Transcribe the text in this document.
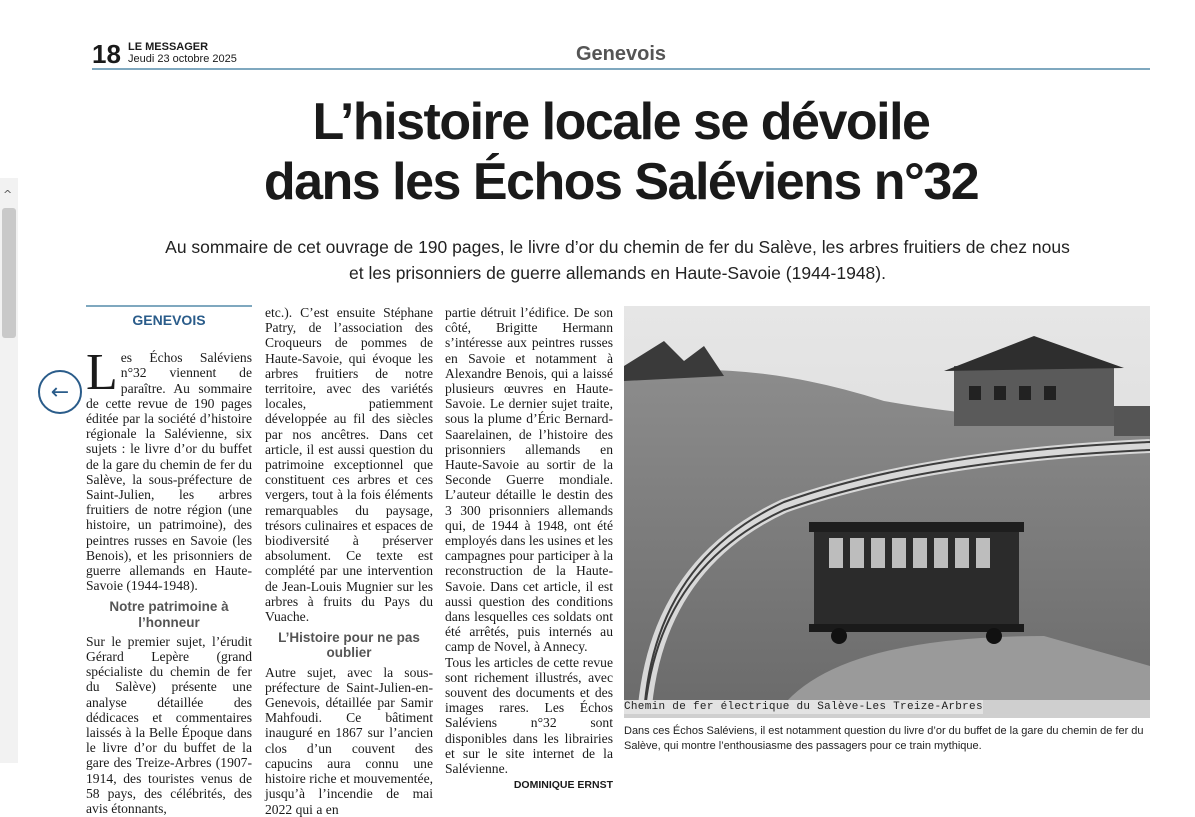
^
←
18 LE MESSAGER
Jeudi 23 octobre 2025	Genevois
L’histoire locale se dévoile
dans les Échos Saléviens n°32
Au sommaire de cet ouvrage de 190 pages, le livre d’or du chemin de fer du Salève, les arbres fruitiers de chez nous
et les prisonniers de guerre allemands en Haute-Savoie (1944-1948).
GENEVOIS

Les Échos Saléviens n°32 viennent de paraître. Au sommaire de cette revue de 190 pages éditée par la société d’histoire régionale la Salévienne, six sujets : le livre d’or du buffet de la gare du chemin de fer du Salève, la sous-préfecture de Saint-Julien, les arbres fruitiers de notre région (une histoire, un patrimoine), des peintres russes en Savoie (les Benois), et les prisonniers de guerre allemands en Haute-Savoie (1944-1948).

Notre patrimoine à l’honneur

Sur le premier sujet, l’érudit Gérard Lepère (grand spécialiste du chemin de fer du Salève) présente une analyse détaillée des dédicaces et commentaires laissés à la Belle Époque dans le livre d’or du buffet de la gare des Treize-Arbres (1907-1914, des touristes venus de 58 pays, des célébrités, des avis étonnants,

etc.). C’est ensuite Stéphane Patry, de l’association des Croqueurs de pommes de Haute-Savoie, qui évoque les arbres fruitiers de notre territoire, avec des variétés locales, patiemment développée au fil des siècles par nos ancêtres. Dans cet article, il est aussi question du patrimoine exceptionnel que constituent ces arbres et ces vergers, tout à la fois éléments remarquables du paysage, trésors culinaires et espaces de biodiversité à préserver absolument. Ce texte est complété par une intervention de Jean-Louis Mugnier sur les arbres à fruits du Pays du Vuache.

L’Histoire pour ne pas oublier

Autre sujet, avec la sous-préfecture de Saint-Julien-en-Genevois, détaillée par Samir Mahfoudi. Ce bâtiment inauguré en 1867 sur l’ancien clos d’un couvent des capucins aura connu une histoire riche et mouvementée, jusqu’à l’incendie de mai 2022 qui a en

partie détruit l’édifice. De son côté, Brigitte Hermann s’intéresse aux peintres russes en Savoie et notamment à Alexandre Benois, qui a laissé plusieurs œuvres en Haute-Savoie. Le dernier sujet traite, sous la plume d’Éric Bernard-Saarelainen, de l’histoire des prisonniers allemands en Haute-Savoie au sortir de la Seconde Guerre mondiale. L’auteur détaille le destin des 3 300 prisonniers allemands qui, de 1944 à 1948, ont été employés dans les usines et les campagnes pour participer à la reconstruction de la Haute-Savoie. Dans cet article, il est aussi question des conditions dans lesquelles ces soldats ont été arrêtés, puis internés au camp de Novel, à Annecy.

Tous les articles de cette revue sont richement illustrés, avec souvent des documents et des images rares. Les Échos Saléviens n°32 sont disponibles dans les librairies et sur le site internet de la Salévienne.

DOMINIQUE ERNST
Chemin de fer électrique du Salève-Les Treize-Arbres
Dans ces Échos Saléviens, il est notamment question du livre d’or du buffet de la gare du chemin de fer du Salève, qui montre l’enthousiasme des passagers pour ce train mythique.
